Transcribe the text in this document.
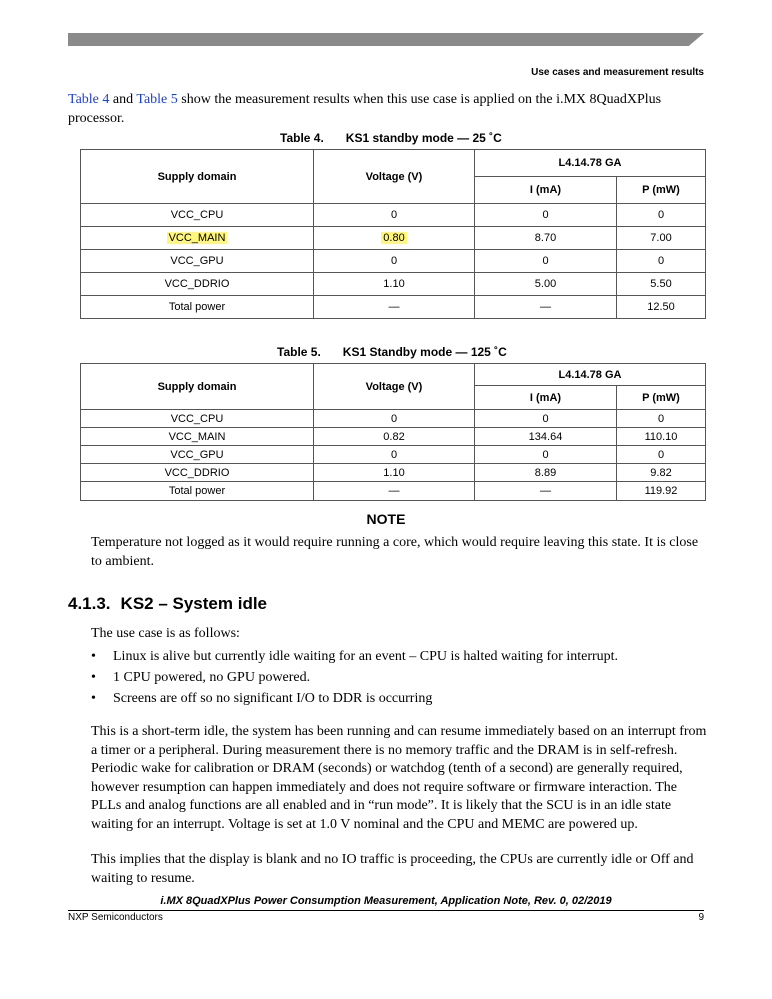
Use cases and measurement results
Table 4 and Table 5 show the measurement results when this use case is applied on the i.MX 8QuadXPlus processor.
Table 4. KS1 standby mode — 25 ˚C
Supply domain	Voltage (V)	L4.14.78 GA	
		I (mA)	P (mW)
VCC_CPU	0	0	0
VCC_MAIN	0.80	8.70	7.00
VCC_GPU	0	0	0
VCC_DDRIO	1.10	5.00	5.50
Total power	—	—	12.50
Table 5. KS1 Standby mode — 125 ˚C
Supply domain	Voltage (V)	L4.14.78 GA	
		I (mA)	P (mW)
VCC_CPU	0	0	0
VCC_MAIN	0.82	134.64	110.10
VCC_GPU	0	0	0
VCC_DDRIO	1.10	8.89	9.82
Total power	—	—	119.92
NOTE
Temperature not logged as it would require running a core, which would require leaving this state. It is close to ambient.
4.1.3. KS2 – System idle
The use case is as follows:
• Linux is alive but currently idle waiting for an event – CPU is halted waiting for interrupt.
• 1 CPU powered, no GPU powered.
• Screens are off so no significant I/O to DDR is occurring
This is a short-term idle, the system has been running and can resume immediately based on an interrupt from a timer or a peripheral. During measurement there is no memory traffic and the DRAM is in self-refresh. Periodic wake for calibration or DRAM (seconds) or watchdog (tenth of a second) are generally required, however resumption can happen immediately and does not require software or firmware interaction. The PLLs and analog functions are all enabled and in “run mode”. It is likely that the SCU is in an idle state waiting for an interrupt. Voltage is set at 1.0 V nominal and the CPU and MEMC are powered up.
This implies that the display is blank and no IO traffic is proceeding, the CPUs are currently idle or Off and waiting to resume.
i.MX 8QuadXPlus Power Consumption Measurement, Application Note, Rev. 0, 02/2019
NXP Semiconductors	9
